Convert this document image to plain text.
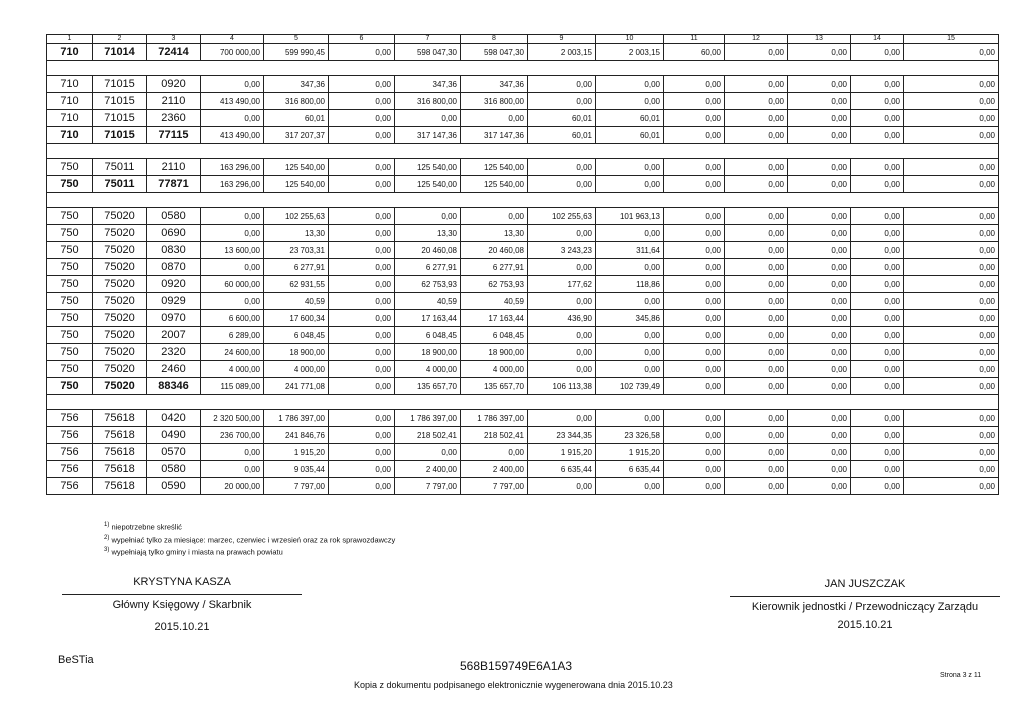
1	2	3	4	5	6	7	8	9	10	11	12	13	14	15
710	71014	72414	700 000,00	599 990,45	0,00	598 047,30	598 047,30	2 003,15	2 003,15	60,00	0,00	0,00	0,00	0,00

710	71015	0920	0,00	347,36	0,00	347,36	347,36	0,00	0,00	0,00	0,00	0,00	0,00	0,00
710	71015	2110	413 490,00	316 800,00	0,00	316 800,00	316 800,00	0,00	0,00	0,00	0,00	0,00	0,00	0,00
710	71015	2360	0,00	60,01	0,00	0,00	0,00	60,01	60,01	0,00	0,00	0,00	0,00	0,00
710	71015	77115	413 490,00	317 207,37	0,00	317 147,36	317 147,36	60,01	60,01	0,00	0,00	0,00	0,00	0,00

750	75011	2110	163 296,00	125 540,00	0,00	125 540,00	125 540,00	0,00	0,00	0,00	0,00	0,00	0,00	0,00
750	75011	77871	163 296,00	125 540,00	0,00	125 540,00	125 540,00	0,00	0,00	0,00	0,00	0,00	0,00	0,00

750	75020	0580	0,00	102 255,63	0,00	0,00	0,00	102 255,63	101 963,13	0,00	0,00	0,00	0,00	0,00
750	75020	0690	0,00	13,30	0,00	13,30	13,30	0,00	0,00	0,00	0,00	0,00	0,00	0,00
750	75020	0830	13 600,00	23 703,31	0,00	20 460,08	20 460,08	3 243,23	311,64	0,00	0,00	0,00	0,00	0,00
750	75020	0870	0,00	6 277,91	0,00	6 277,91	6 277,91	0,00	0,00	0,00	0,00	0,00	0,00	0,00
750	75020	0920	60 000,00	62 931,55	0,00	62 753,93	62 753,93	177,62	118,86	0,00	0,00	0,00	0,00	0,00
750	75020	0929	0,00	40,59	0,00	40,59	40,59	0,00	0,00	0,00	0,00	0,00	0,00	0,00
750	75020	0970	6 600,00	17 600,34	0,00	17 163,44	17 163,44	436,90	345,86	0,00	0,00	0,00	0,00	0,00
750	75020	2007	6 289,00	6 048,45	0,00	6 048,45	6 048,45	0,00	0,00	0,00	0,00	0,00	0,00	0,00
750	75020	2320	24 600,00	18 900,00	0,00	18 900,00	18 900,00	0,00	0,00	0,00	0,00	0,00	0,00	0,00
750	75020	2460	4 000,00	4 000,00	0,00	4 000,00	4 000,00	0,00	0,00	0,00	0,00	0,00	0,00	0,00
750	75020	88346	115 089,00	241 771,08	0,00	135 657,70	135 657,70	106 113,38	102 739,49	0,00	0,00	0,00	0,00	0,00

756	75618	0420	2 320 500,00	1 786 397,00	0,00	1 786 397,00	1 786 397,00	0,00	0,00	0,00	0,00	0,00	0,00	0,00
756	75618	0490	236 700,00	241 846,76	0,00	218 502,41	218 502,41	23 344,35	23 326,58	0,00	0,00	0,00	0,00	0,00
756	75618	0570	0,00	1 915,20	0,00	0,00	0,00	1 915,20	1 915,20	0,00	0,00	0,00	0,00	0,00
756	75618	0580	0,00	9 035,44	0,00	2 400,00	2 400,00	6 635,44	6 635,44	0,00	0,00	0,00	0,00	0,00
756	75618	0590	20 000,00	7 797,00	0,00	7 797,00	7 797,00	0,00	0,00	0,00	0,00	0,00	0,00	0,00
$^{1)}$ niepotrzebne skreślić
$^{2)}$ wypełniać tylko za miesiące: marzec, czerwiec i wrzesień oraz za rok sprawozdawczy
$^{3)}$ wypełniają tylko gminy i miasta na prawach powiatu
KRYSTYNA KASZA
Główny Księgowy / Skarbnik
2015.10.21
JAN JUSZCZAK
Kierownik jednostki / Przewodniczący Zarządu
2015.10.21
BeSTia	568B159749E6A1A3
Kopia z dokumentu podpisanego elektronicznie wygenerowana dnia 2015.10.23
Strona 3 z 11
